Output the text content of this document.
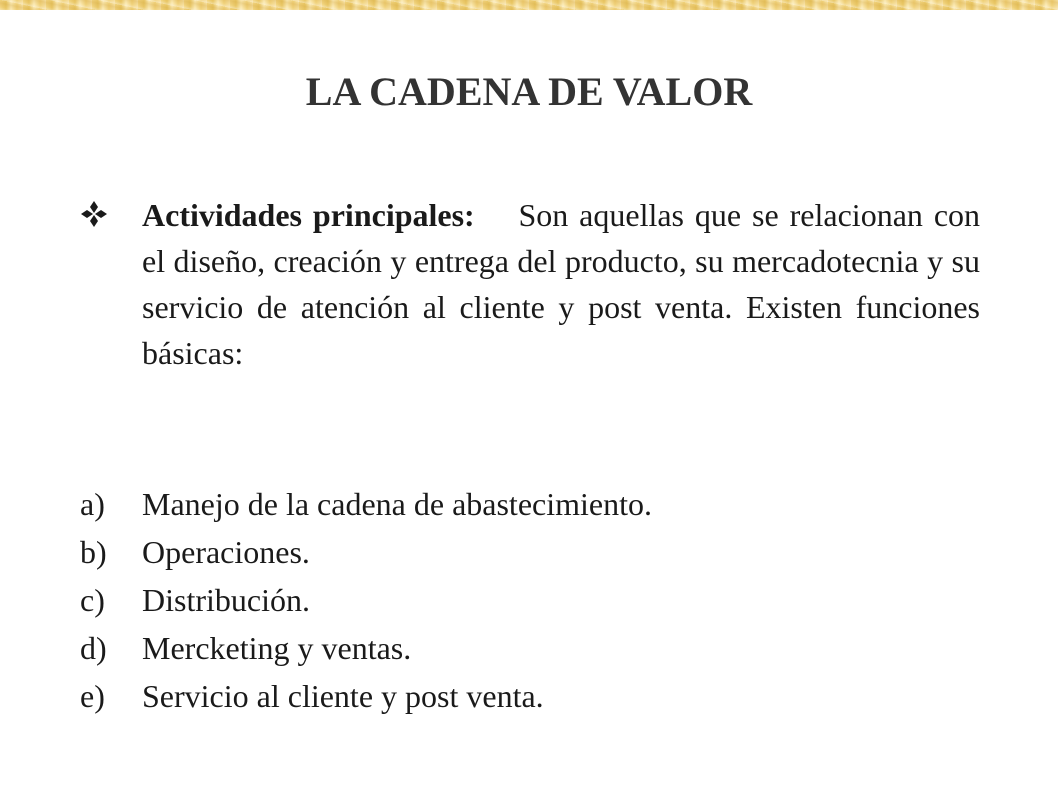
LA CADENA DE VALOR

Actividades principales: Son aquellas que se relacionan con el diseño, creación y entrega del producto, su mercadotecnia y su servicio de atención al cliente y post venta. Existen funciones básicas:

a)	Manejo de la cadena de abastecimiento.
b)	Operaciones.
c)	Distribución.
d)	Mercketing y ventas.
e)	Servicio al cliente y post venta.
